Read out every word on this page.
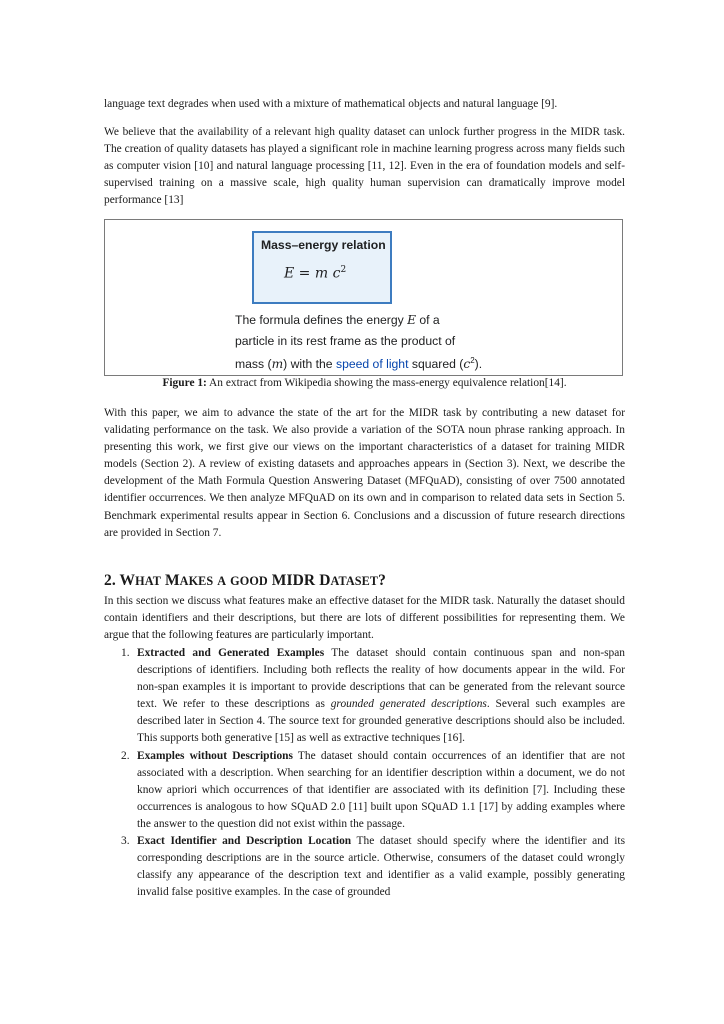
language text degrades when used with a mixture of mathematical objects and natural language [9].

We believe that the availability of a relevant high quality dataset can unlock further progress in the MIDR task. The creation of quality datasets has played a significant role in machine learning progress across many fields such as computer vision [10] and natural language processing [11, 12]. Even in the era of foundation models and self-supervised training on a massive scale, high quality human supervision can dramatically improve model performance [13]

Mass–energy relation
E = m $c^2$
The formula defines the energy E of a
particle in its rest frame as the product of
mass (m) with the speed of light squared $(c^2)$.
Figure 1: An extract from Wikipedia showing the mass-energy equivalence relation[14].

With this paper, we aim to advance the state of the art for the MIDR task by contributing a new dataset for validating performance on the task. We also provide a variation of the SOTA noun phrase ranking approach. In presenting this work, we first give our views on the important characteristics of a dataset for training MIDR models (Section 2). A review of existing datasets and approaches appears in (Section 3). Next, we describe the development of the Math Formula Question Answering Dataset (MFQuAD), consisting of over 7500 annotated identifier occurrences. We then analyze MFQuAD on its own and in comparison to related data sets in Section 5. Benchmark experimental results appear in Section 6. Conclusions and a discussion of future research directions are provided in Section 7.

2. WHAT MAKES A GOOD MIDR DATASET?

In this section we discuss what features make an effective dataset for the MIDR task. Naturally the dataset should contain identifiers and their descriptions, but there are lots of different possibilities for representing them. We argue that the following features are particularly important.

1. Extracted and Generated Examples The dataset should contain continuous span and non-span descriptions of identifiers. Including both reflects the reality of how documents appear in the wild. For non-span examples it is important to provide descriptions that can be generated from the relevant source text. We refer to these descriptions as grounded generated descriptions. Several such examples are described later in Section 4. The source text for grounded generative descriptions should also be included. This supports both generative [15] as well as extractive techniques [16].
2. Examples without Descriptions The dataset should contain occurrences of an identifier that are not associated with a description. When searching for an identifier description within a document, we do not know apriori which occurrences of that identifier are associated with its definition [7]. Including these occurrences is analogous to how SQuAD 2.0 [11] built upon SQuAD 1.1 [17] by adding examples where the answer to the question did not exist within the passage.
3. Exact Identifier and Description Location The dataset should specify where the identifier and its corresponding descriptions are in the source article. Otherwise, consumers of the dataset could wrongly classify any appearance of the description text and identifier as a valid example, possibly generating invalid false positive examples. In the case of grounded
